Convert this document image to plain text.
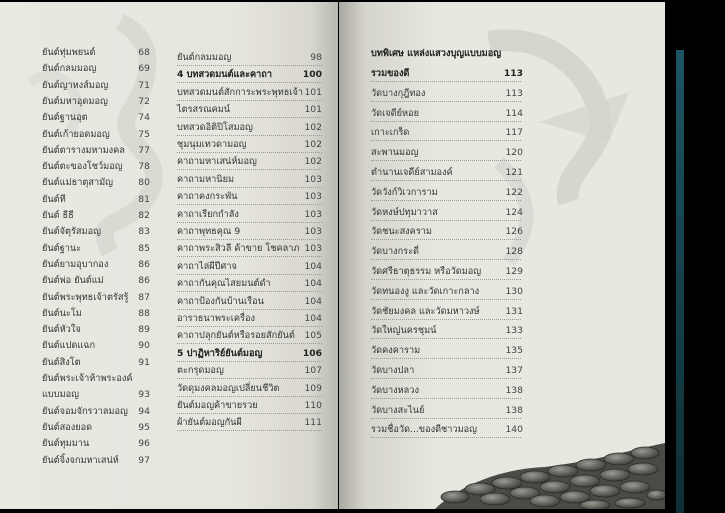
ยันต์ทุ่มพยนต์	68
ยันต์กลมมอญ	69
ยันต์ญาหงส์มอญ	71
ยันต์มหาอุดมอญ	72
ยันต์ฐานอุต	74
ยันต์เก้ายอดมอญ	75
ยันต์ตารางมหามงคล	77
ยันต์ตะของโชว์มอญ	78
ยันต์แม่ธาตุสามัญ	80
ยันต์ที	81
ยันต์ ธีธี	82
ยันต์จัตุรัสมอญ	83
ยันต์ฐานะ	85
ยันต์ยามอุบากอง	86
ยันต์พ่อ ยันต์แม่	86
ยันต์พระพุทธเจ้าตรัสรู้	87
ยันต์นะโม	88
ยันต์หัวใจ	89
ยันต์แปดแฉก	90
ยันต์สิงโต	91
ยันต์พระเจ้าห้าพระองค์
แบบมอญ	93
ยันต์จอมจักรวาลมอญ	94
ยันต์สองยอด	95
ยันต์ทุมมาน	96
ยันต์จิ้งจกมหาเสน่ห์	97
ยันต์กลมมอญ	98
4 บทสวดมนต์และคาถา	100
บทสวดมนต์สักการะพระพุทธเจ้า 101
ไตรสรณคมน์	101
บทสวดอิติปิโสมอญ	102
ชุมนุมเทวดามอญ	102
คาถามหาเสน่ห์มอญ	102
คาถามหานิยม	103
คาถาคงกระพัน	103
คาถาเรียกกำลัง	103
คาถาพุทธคุณ 9	103
คาถาพระสิวลี ค้าขาย โชคลาภ 103
คาถาไล่ผีปีศาจ	104
คาถากันคุณไสยมนต์ดำ	104
คาถาป้องกันบ้านเรือน	104
อาราธนาพระเครื่อง	104
คาถาปลุกยันต์หรือรอยสักยันต์	105
5 ปาฏิหาริย์ยันต์มอญ	106
ตะกรุดมอญ	107
วัดดุมงคลมอญเปลี่ยนชีวิต	109
ยันต์มอญค้าขายรวย	110
ผ้ายันต์มอญกันผี	111
บทพิเศษ แหล่งแสวงบุญแบบมอญ
รวมของดี	113
วัดบางกุฎีทอง	113
วัดเจดีย์หอย	114
เกาะเกร็ด	117
สะพานมอญ	120
ตำนานเจดีย์สามองค์	121
วัดวังก์วิเวการาม	122
วัดหงษ์ปทุมาวาส	124
วัดชนะสงคราม	126
วัดบางกระดี่	128
วัดศรีธาตุธรรม หรือวัดมอญ	129
วัดทนองงู และวัดเกาะกลาง	130
วัดชัยมงคล และวัดมหาวงษ์	131
วัดใหญ่นครชุมน์	133
วัดคงคาราม	135
วัดบางปลา	137
วัดบางหลวง	138
วัดบางสะไนย์	138
รวมชื่อวัด...ของดีชาวมอญ	140
